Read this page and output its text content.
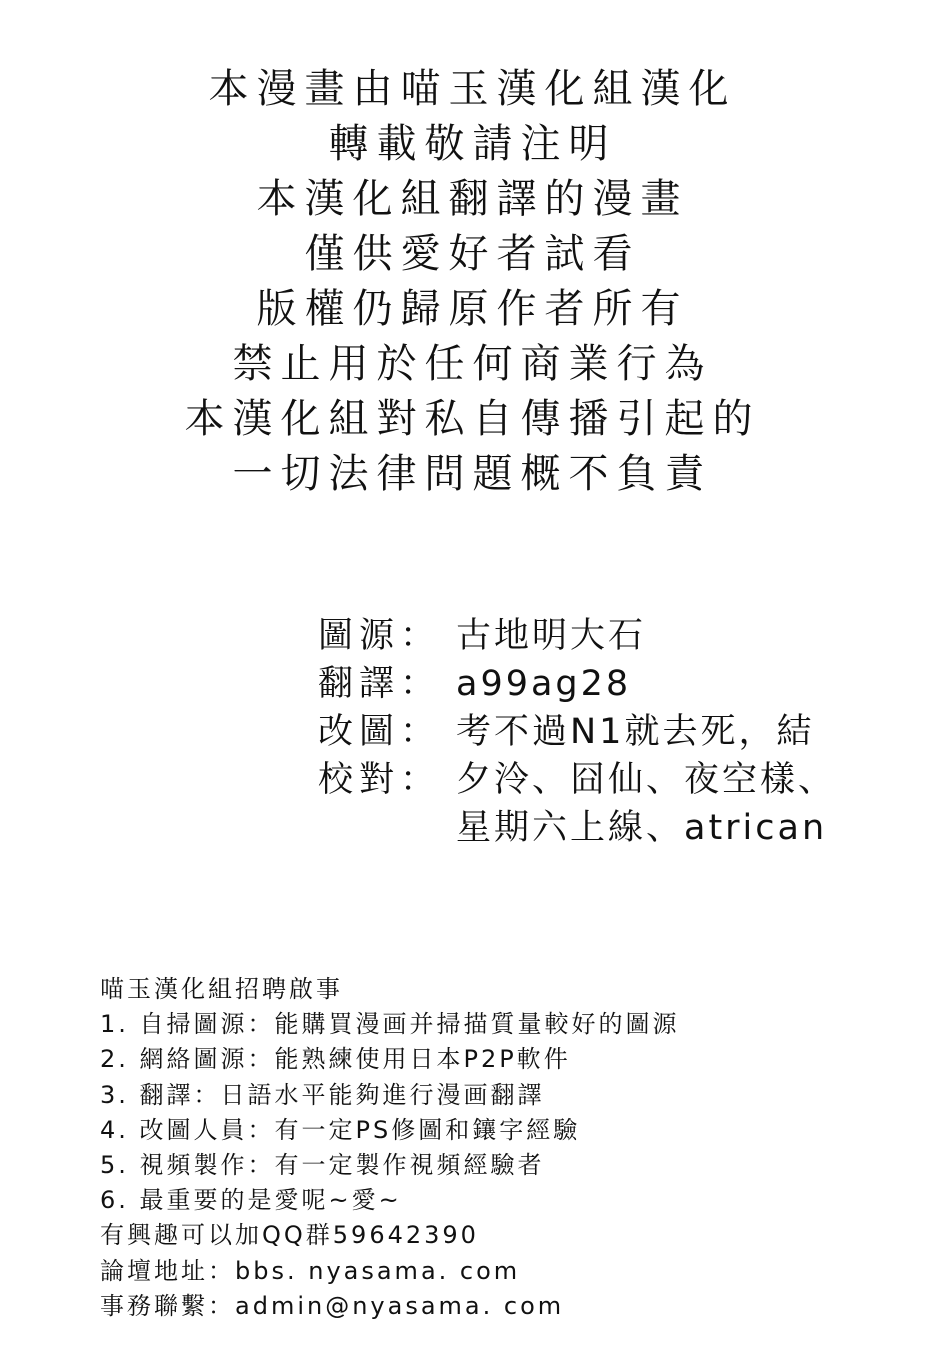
本漫畫由喵玉漢化組漢化
轉載敬請注明
本漢化組翻譯的漫畫
僅供愛好者試看
版權仍歸原作者所有
禁止用於任何商業行為
本漢化組對私自傳播引起的
一切法律問題概不負責
圖源： 古地明大石
翻譯： a99ag28
改圖： 考不過N1就去死，結
校對： 夕泠、囧仙、夜空樣、
星期六上線、atrican
喵玉漢化組招聘啟事
1. 自掃圖源：能購買漫画并掃描質量較好的圖源
2. 網絡圖源：能熟練使用日本P2P軟件
3. 翻譯：日語水平能夠進行漫画翻譯
4. 改圖人員：有一定PS修圖和鑲字經驗
5. 視頻製作：有一定製作視頻經驗者
6. 最重要的是愛呢~愛~
有興趣可以加QQ群59642390
論壇地址：bbs. nyasama. com
事務聯繫：admin@nyasama. com
